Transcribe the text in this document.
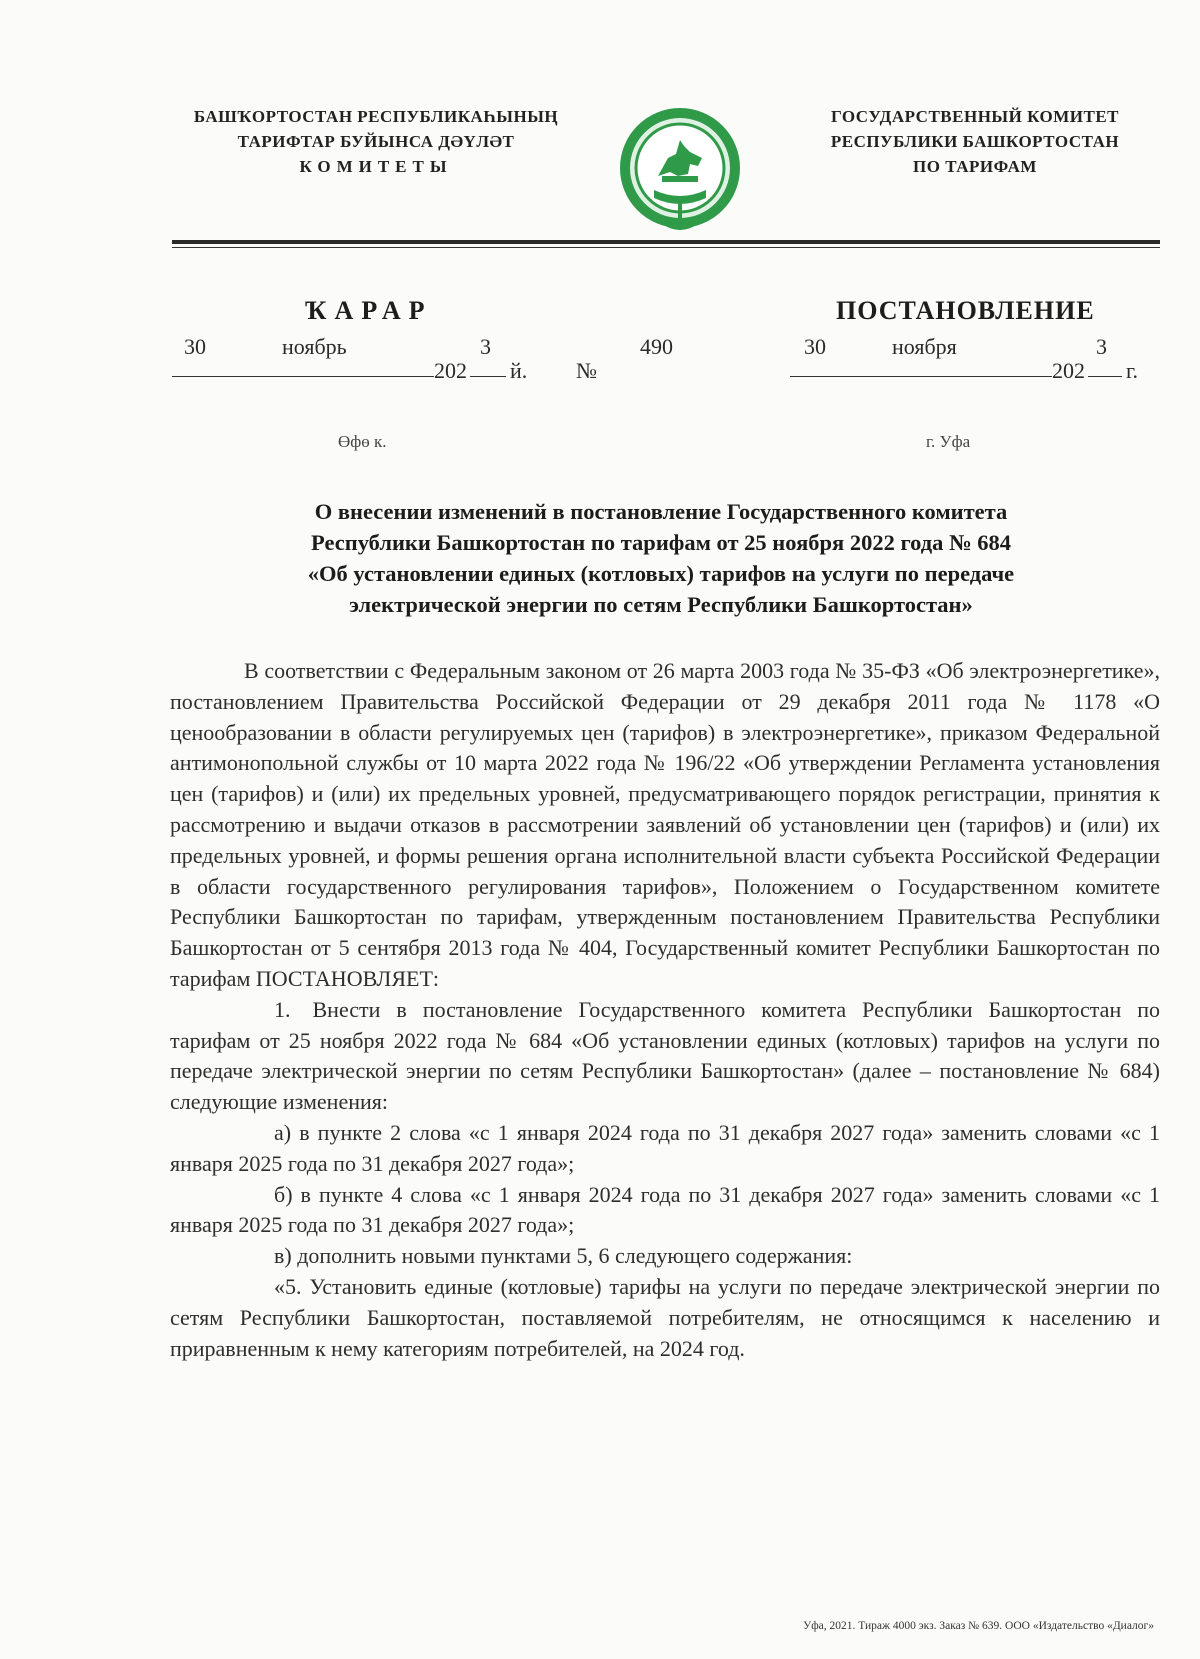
БАШҠОРТОСТАН РЕСПУБЛИКАҺЫНЫҢ
ТАРИФТАР БУЙЫНСА ДӘҮЛӘТ
КОМИТЕТЫ
ГОСУДАРСТВЕННЫЙ КОМИТЕТ
РЕСПУБЛИКИ БАШКОРТОСТАН
ПО ТАРИФАМ
ҠАРАР	ПОСТАНОВЛЕНИЕ
30	ноябрь	3
202 й. №
490	30	ноября	3
202 г.
Өфө к.	г. Уфа
О внесении изменений в постановление Государственного комитета
Республики Башкортостан по тарифам от 25 ноября 2022 года № 684
«Об установлении единых (котловых) тарифов на услуги по передаче
электрической энергии по сетям Республики Башкортостан»

В соответствии с Федеральным законом от 26 марта 2003 года № 35-ФЗ «Об электроэнергетике», постановлением Правительства Российской Федерации от 29 декабря 2011 года № 1178 «О ценообразовании в области регулируемых цен (тарифов) в электроэнергетике», приказом Федеральной антимонопольной службы от 10 марта 2022 года № 196/22 «Об утверждении Регламента установления цен (тарифов) и (или) их предельных уровней, предусматривающего порядок регистрации, принятия к рассмотрению и выдачи отказов в рассмотрении заявлений об установлении цен (тарифов) и (или) их предельных уровней, и формы решения органа исполнительной власти субъекта Российской Федерации в области государственного регулирования тарифов», Положением о Государственном комитете Республики Башкортостан по тарифам, утвержденным постановлением Правительства Республики Башкортостан от 5 сентября 2013 года № 404, Государственный комитет Республики Башкортостан по тарифам ПОСТАНОВЛЯЕТ:

1. Внести в постановление Государственного комитета Республики Башкортостан по тарифам от 25 ноября 2022 года № 684 «Об установлении единых (котловых) тарифов на услуги по передаче электрической энергии по сетям Республики Башкортостан» (далее – постановление № 684) следующие изменения:

а) в пункте 2 слова «с 1 января 2024 года по 31 декабря 2027 года» заменить словами «с 1 января 2025 года по 31 декабря 2027 года»;

б) в пункте 4 слова «с 1 января 2024 года по 31 декабря 2027 года» заменить словами «с 1 января 2025 года по 31 декабря 2027 года»;

в) дополнить новыми пунктами 5, 6 следующего содержания:

«5. Установить единые (котловые) тарифы на услуги по передаче электрической энергии по сетям Республики Башкортостан, поставляемой потребителям, не относящимся к населению и приравненным к нему категориям потребителей, на 2024 год.

Уфа, 2021. Тираж 4000 экз. Заказ № 639. ООО «Издательство «Диалог»
